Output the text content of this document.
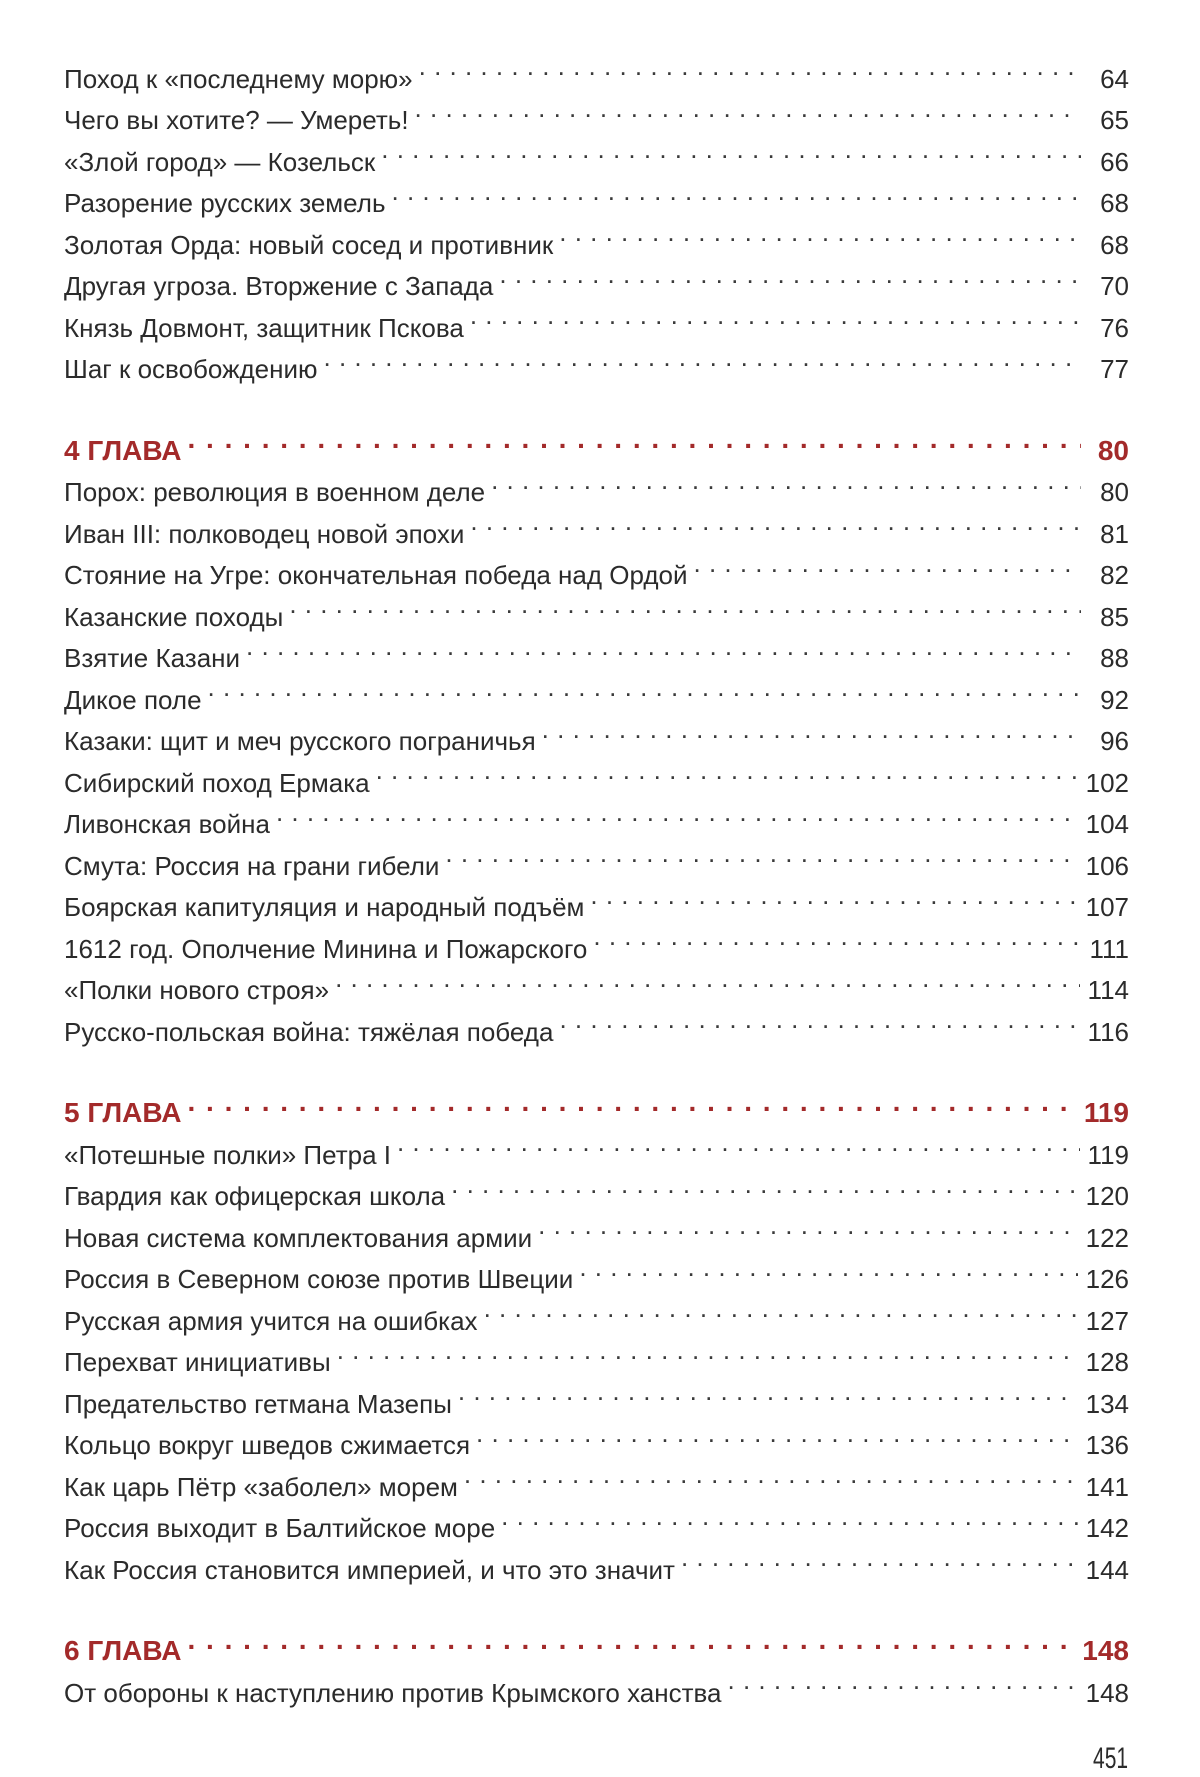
Поход к «последнему морю» . . .	64
Чего вы хотите? — Умереть! . . .	65
«Злой город» — Козельск . . .	66
Разорение русских земель . . .	68
Золотая Орда: новый сосед и противник . . .	68
Другая угроза. Вторжение с Запада . . .	70
Князь Довмонт, защитник Пскова . . .	76
Шаг к освобождению . . .	77
4 ГЛАВА . . .	80
Порох: революция в военном деле . . .	80
Иван III: полководец новой эпохи . . .	81
Стояние на Угре: окончательная победа над Ордой . . .	82
Казанские походы . . .	85
Взятие Казани . . .	88
Дикое поле . . .	92
Казаки: щит и меч русского пограничья . . .	96
Сибирский поход Ермака . . .	102
Ливонская война . . .	104
Смута: Россия на грани гибели . . .	106
Боярская капитуляция и народный подъём . . .	107
1612 год. Ополчение Минина и Пожарского . . .	111
«Полки нового строя» . . .	114
Русско-польская война: тяжёлая победа . . .	116
5 ГЛАВА . . .	119
«Потешные полки» Петра I . . .	119
Гвардия как офицерская школа . . .	120
Новая система комплектования армии . . .	122
Россия в Северном союзе против Швеции . . .	126
Русская армия учится на ошибках . . .	127
Перехват инициативы . . .	128
Предательство гетмана Мазепы . . .	134
Кольцо вокруг шведов сжимается . . .	136
Как царь Пётр «заболел» морем . . .	141
Россия выходит в Балтийское море . . .	142
Как Россия становится империей, и что это значит . . .	144
6 ГЛАВА . . .	148
От обороны к наступлению против Крымского ханства . . .	148
451
